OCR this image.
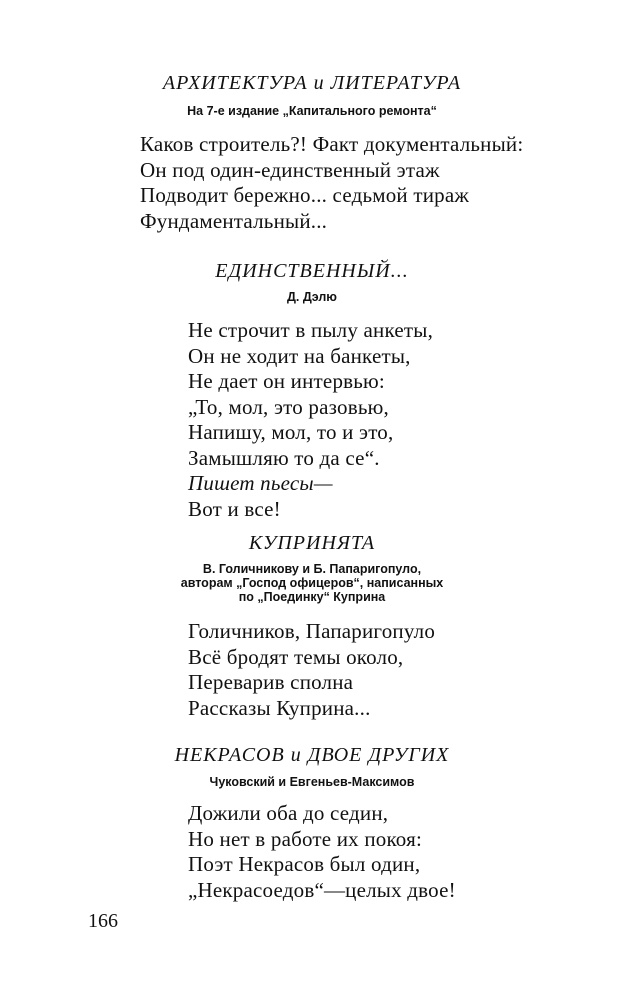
АРХИТЕКТУРА и ЛИТЕРАТУРА
На 7-е издание „Капитального ремонта“
Каков строитель?! Факт документальный:
Он под один-единственный этаж
Подводит бережно... седьмой тираж
Фундаментальный...
ЕДИНСТВЕННЫЙ...
Д. Дэлю
Не строчит в пылу анкеты,
Он не ходит на банкеты,
Не дает он интервью:
„То, мол, это разовью,
Напишу, мол, то и это,
Замышляю то да се“.
Пишет пьесы—
Вот и все!
КУПРИНЯТА
В. Голичникову и Б. Папаригопуло,
авторам „Господ офицеров“, написанных
по „Поединку“ Куприна
Голичников, Папаригопуло
Всё бродят темы около,
Переварив сполна
Рассказы Куприна...
НЕКРАСОВ и ДВОЕ ДРУГИХ
Чуковский и Евгеньев-Максимов
Дожили оба до седин,
Но нет в работе их покоя:
Поэт Некрасов был один,
„Некрасоедов“—целых двое!
166
